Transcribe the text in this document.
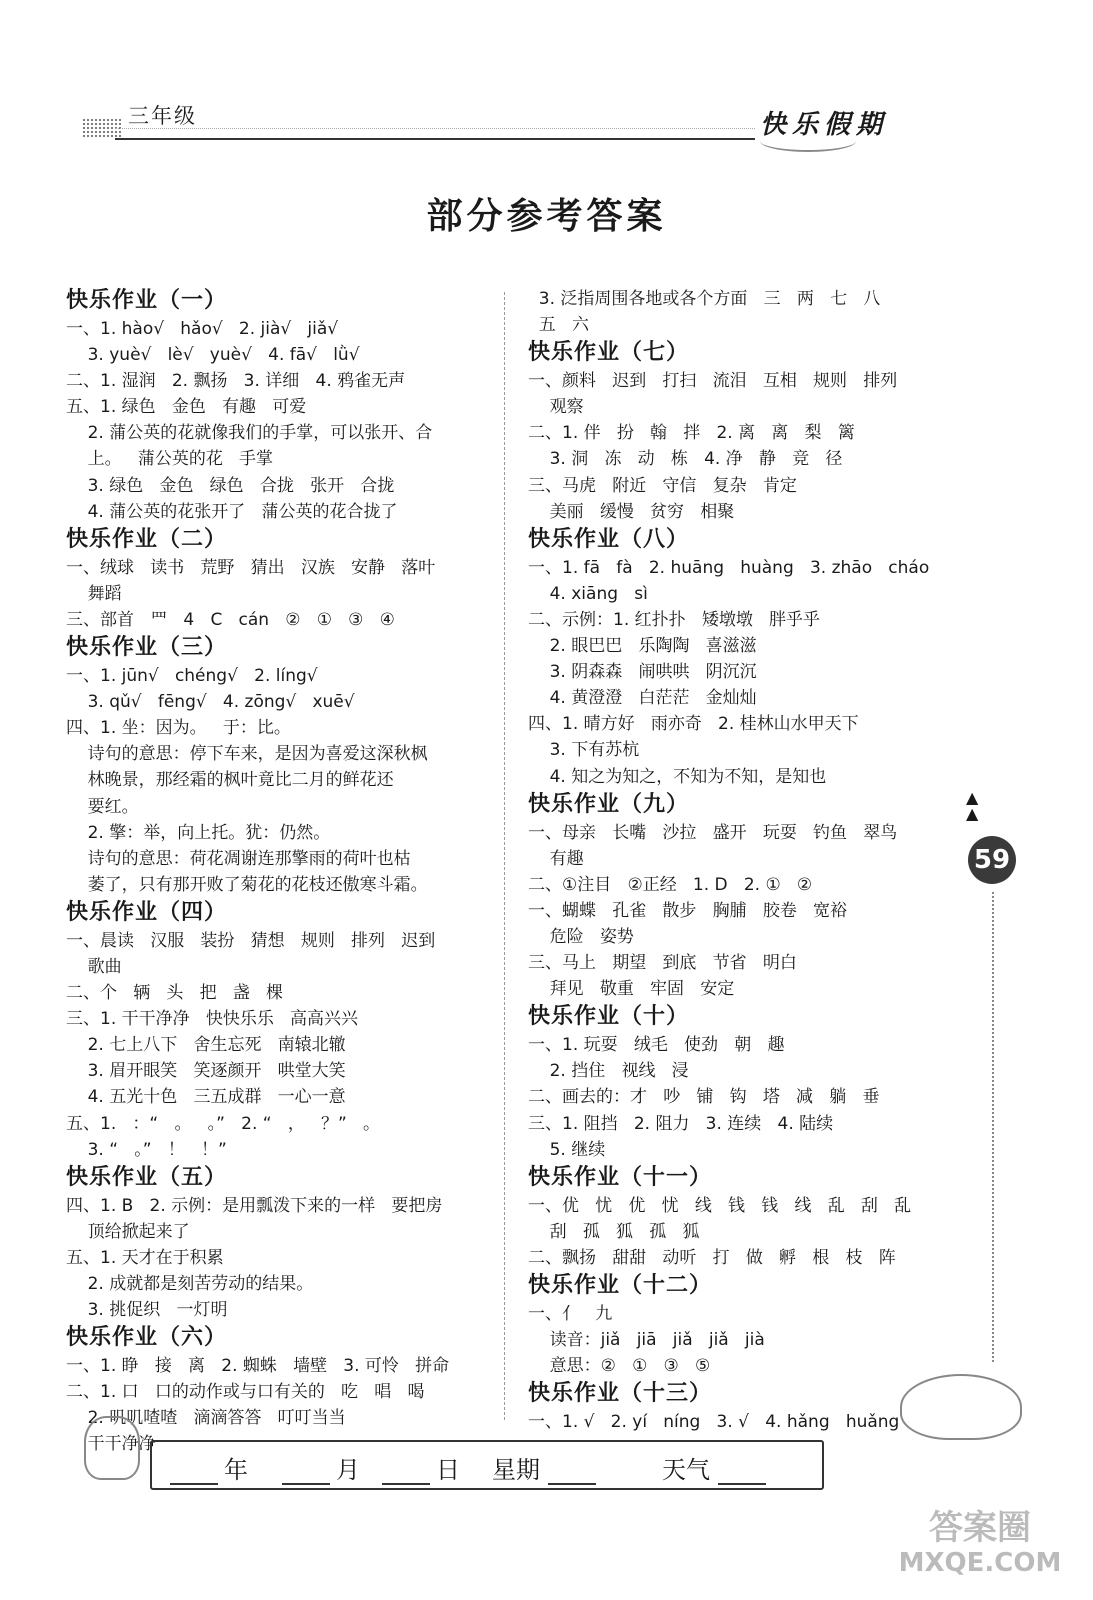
三年级	快乐假期
部分参考答案
快乐作业（一）
一、1. hào√   hǎo√   2. jià√   jiǎ√
3. yuè√   lè√   yuè√   4. fā√   lǜ√
二、1. 湿润   2. 飘扬   3. 详细   4. 鸦雀无声
五、1. 绿色   金色   有趣   可爱
2. 蒲公英的花就像我们的手掌，可以张开、合
上。   蒲公英的花   手掌
3. 绿色   金色   绿色   合拢   张开   合拢
4. 蒲公英的花张开了   蒲公英的花合拢了
快乐作业（二）
一、绒球   读书   荒野   猜出   汉族   安静   落叶
舞蹈
三、部首   罒   4   C   cán   ②   ①   ③   ④
快乐作业（三）
一、1. jūn√   chéng√   2. líng√
3. qǔ√   fēng√   4. zōng√   xuē√
四、1. 坐：因为。   于：比。
诗句的意思：停下车来，是因为喜爱这深秋枫
林晚景，那经霜的枫叶竟比二月的鲜花还
要红。
2. 擎：举，向上托。犹：仍然。
诗句的意思：荷花凋谢连那擎雨的荷叶也枯
萎了，只有那开败了菊花的花枝还傲寒斗霜。
快乐作业（四）
一、晨读   汉服   装扮   猜想   规则   排列   迟到
歌曲
二、个   辆   头   把   盏   棵
三、1. 干干净净   快快乐乐   高高兴兴
2. 七上八下   舍生忘死   南辕北辙
3. 眉开眼笑   笑逐颜开   哄堂大笑
4. 五光十色   三五成群   一心一意
五、1.   ：“   。   。”   2. “   ，   ？”   。
3. “   。”   ！   ！”
快乐作业（五）
四、1. B   2. 示例：是用瓢泼下来的一样   要把房
顶给掀起来了
五、1. 天才在于积累
2. 成就都是刻苦劳动的结果。
3. 挑促织   一灯明
快乐作业（六）
一、1. 睁   接   离   2. 蜘蛛   墙壁   3. 可怜   拼命
二、1. 口   口的动作或与口有关的   吃   唱   喝
2. 叽叽喳喳   滴滴答答   叮叮当当
干干净净
3. 泛指周围各地或各个方面   三   两   七   八
五   六
快乐作业（七）
一、颜料   迟到   打扫   流泪   互相   规则   排列
观察
二、1. 伴   扮   翰   拌   2. 离   离   梨   篱
3. 洞   冻   动   栋   4. 净   静   竞   径
三、马虎   附近   守信   复杂   肯定
美丽   缓慢   贫穷   相聚
快乐作业（八）
一、1. fā   fà   2. huāng   huàng   3. zhāo   cháo
4. xiāng   sì
二、示例：1. 红扑扑   矮墩墩   胖乎乎
2. 眼巴巴   乐陶陶   喜滋滋
3. 阴森森   闹哄哄   阴沉沉
4. 黄澄澄   白茫茫   金灿灿
四、1. 晴方好   雨亦奇   2. 桂林山水甲天下
3. 下有苏杭
4. 知之为知之，不知为不知，是知也
快乐作业（九）
一、母亲   长嘴   沙拉   盛开   玩耍   钓鱼   翠鸟
有趣
二、①注目   ②正经   1. D   2. ①   ②
一、蝴蝶   孔雀   散步   胸脯   胶卷   宽裕
危险   姿势
三、马上   期望   到底   节省   明白
拜见   敬重   牢固   安定
快乐作业（十）
一、1. 玩耍   绒毛   使劲   朝   趣
2. 挡住   视线   浸
二、画去的：才   吵   铺   钩   塔   减   躺   垂
三、1. 阻挡   2. 阻力   3. 连续   4. 陆续
5. 继续
快乐作业（十一）
一、优   忧   优   忧   线   钱   钱   线   乱   刮   乱
刮   孤   狐   孤   狐
二、飘扬   甜甜   动听   打   做   孵   根   枝   阵
快乐作业（十二）
一、亻   九
读音：jiǎ   jiā   jiǎ   jiǎ   jià
意思：②   ①   ③   ⑤
快乐作业（十三）
一、1. √   2. yí   níng   3. √   4. hǎng   huǎng
▲
▲
59
年	月	日 星期	天气
答案圈
MXQE.COM
